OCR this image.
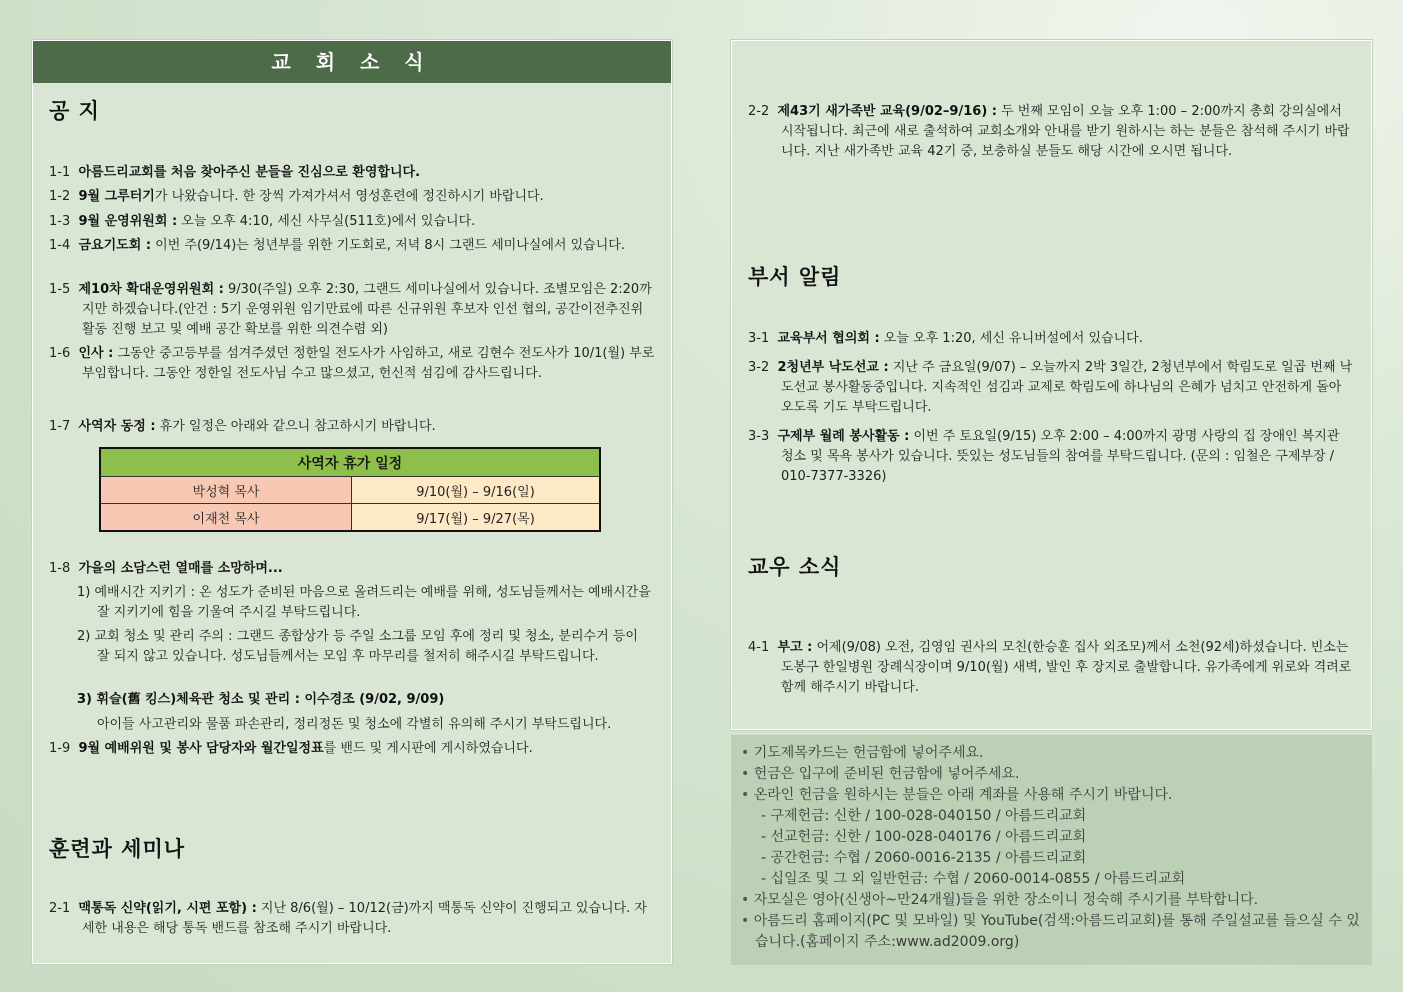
교 회 소 식
공 지
1-1 아름드리교회를 처음 찾아주신 분들을 진심으로 환영합니다.
1-2 9월 그루터기가 나왔습니다. 한 장씩 가져가셔서 영성훈련에 정진하시기 바랍니다.
1-3 9월 운영위원회 : 오늘 오후 4:10, 세신 사무실(511호)에서 있습니다.
1-4 금요기도회 : 이번 주(9/14)는 청년부를 위한 기도회로, 저녁 8시 그랜드 세미나실에서 있습니다.
1-5 제10차 확대운영위원회 : 9/30(주일) 오후 2:30, 그랜드 세미나실에서 있습니다. 조별모임은 2:20까지만 하겠습니다.(안건 : 5기 운영위원 임기만료에 따른 신규위원 후보자 인선 협의, 공간이전추진위 활동 진행 보고 및 예배 공간 확보를 위한 의견수렴 외)
1-6 인사 : 그동안 중고등부를 섬겨주셨던 정한일 전도사가 사임하고, 새로 김현수 전도사가 10/1(월) 부로 부임합니다. 그동안 정한일 전도사님 수고 많으셨고, 헌신적 섬김에 감사드립니다.
1-7 사역자 동정 : 휴가 일정은 아래와 같으니 참고하시기 바랍니다.
사역자 휴가 일정	
박성혁 목사	9/10(월) – 9/16(일)
이재천 목사	9/17(월) – 9/27(목)
1-8 가을의 소담스런 열매를 소망하며...
1) 예배시간 지키기 : 온 성도가 준비된 마음으로 올려드리는 예배를 위해, 성도님들께서는 예배시간을 잘 지키기에 힘을 기울여 주시길 부탁드립니다.
2) 교회 청소 및 관리 주의 : 그랜드 종합상가 등 주일 소그룹 모임 후에 정리 및 청소, 분리수거 등이 잘 되지 않고 있습니다. 성도님들께서는 모임 후 마무리를 철저히 해주시길 부탁드립니다.
3) 휘슬(舊 킹스)체육관 청소 및 관리 : 이수경조 (9/02, 9/09)
아이들 사고관리와 물품 파손관리, 정리정돈 및 청소에 각별히 유의해 주시기 부탁드립니다.
1-9 9월 예배위원 및 봉사 담당자와 월간일정표를 밴드 및 게시판에 게시하였습니다.
훈련과 세미나
2-1 맥통독 신약(읽기, 시편 포함) : 지난 8/6(월) – 10/12(금)까지 맥통독 신약이 진행되고 있습니다. 자세한 내용은 해당 통독 밴드를 참조해 주시기 바랍니다.
2-2 제43기 새가족반 교육(9/02–9/16) : 두 번째 모임이 오늘 오후 1:00 – 2:00까지 총회 강의실에서 시작됩니다. 최근에 새로 출석하여 교회소개와 안내를 받기 원하시는 하는 분들은 참석해 주시기 바랍니다. 지난 새가족반 교육 42기 중, 보충하실 분들도 해당 시간에 오시면 됩니다.
부서 알림
3-1 교육부서 협의회 : 오늘 오후 1:20, 세신 유니버설에서 있습니다.
3-2 2청년부 낙도선교 : 지난 주 금요일(9/07) – 오늘까지 2박 3일간, 2청년부에서 학림도로 일곱 번째 낙도선교 봉사활동중입니다. 지속적인 섬김과 교제로 학림도에 하나님의 은혜가 넘치고 안전하게 돌아오도록 기도 부탁드립니다.
3-3 구제부 월례 봉사활동 : 이번 주 토요일(9/15) 오후 2:00 – 4:00까지 광명 사랑의 집 장애인 복지관 청소 및 목욕 봉사가 있습니다. 뜻있는 성도님들의 참여를 부탁드립니다. (문의 : 임철은 구제부장 / 010-7377-3326)
교우 소식
4-1 부고 : 어제(9/08) 오전, 김영임 권사의 모친(한승훈 집사 외조모)께서 소천(92세)하셨습니다. 빈소는 도봉구 한일병원 장례식장이며 9/10(월) 새벽, 발인 후 장지로 출발합니다. 유가족에게 위로와 격려로 함께 해주시기 바랍니다.
• 기도제목카드는 헌금함에 넣어주세요.
• 헌금은 입구에 준비된 헌금함에 넣어주세요.
• 온라인 헌금을 원하시는 분들은 아래 계좌를 사용해 주시기 바랍니다.
- 구제헌금: 신한 / 100-028-040150 / 아름드리교회
- 선교헌금: 신한 / 100-028-040176 / 아름드리교회
- 공간헌금: 수협 / 2060-0016-2135 / 아름드리교회
- 십일조 및 그 외 일반헌금: 수협 / 2060-0014-0855 / 아름드리교회
• 자모실은 영아(신생아~만24개월)들을 위한 장소이니 정숙해 주시기를 부탁합니다.
• 아름드리 홈페이지(PC 및 모바일) 및 YouTube(검색:아름드리교회)를 통해 주일설교를 들으실 수 있습니다.(홈페이지 주소:www.ad2009.org)
